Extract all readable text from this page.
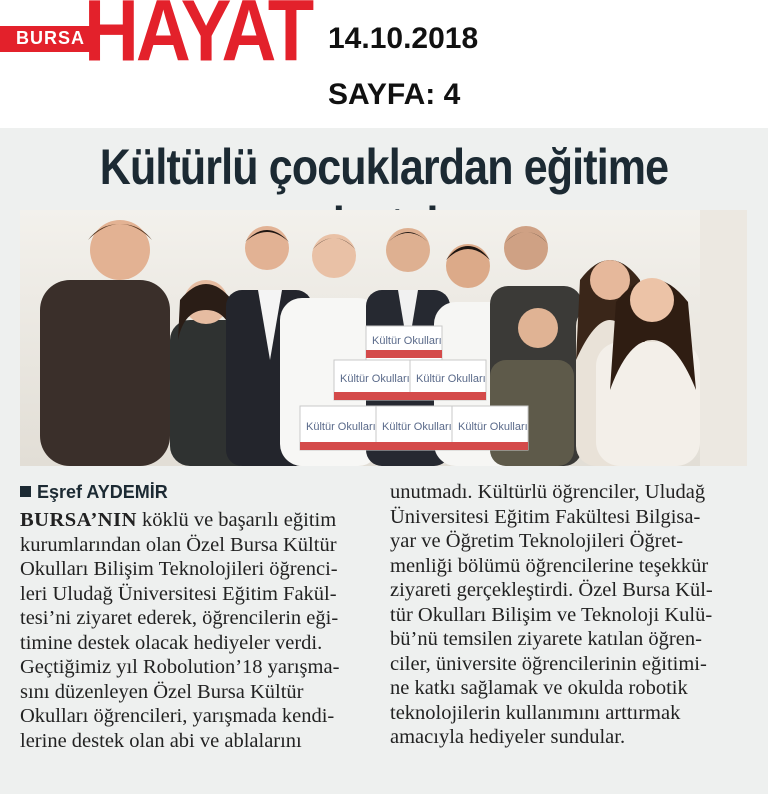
BURSA
HAYAT 14.10.2018
SAYFA: 4
Kültürlü çocuklardan eğitime
Kültür Okulları
Kültür Okulları Kültür Okulları
Kültür Okulları Kültür Okulları Kültür Okulları
Eşref AYDEMİR
BURSA’NIN köklü ve başarılı eğitim
kurumlarından olan Özel Bursa Kültür
Okulları Bilişim Teknolojileri öğrenci-
leri Uludağ Üniversitesi Eğitim Fakül-
tesi’ni ziyaret ederek, öğrencilerin eği-
timine destek olacak hediyeler verdi.
Geçtiğimiz yıl Robolution’18 yarışma-
sını düzenleyen Özel Bursa Kültür
Okulları öğrencileri, yarışmada kendi-
lerine destek olan abi ve ablalarını
unutmadı. Kültürlü öğrenciler, Uludağ
Üniversitesi Eğitim Fakültesi Bilgisa-
yar ve Öğretim Teknolojileri Öğret-
menliği bölümü öğrencilerine teşekkür
ziyareti gerçekleştirdi. Özel Bursa Kül-
tür Okulları Bilişim ve Teknoloji Kulü-
bü’nü temsilen ziyarete katılan öğren-
ciler, üniversite öğrencilerinin eğitimi-
ne katkı sağlamak ve okulda robotik
teknolojilerin kullanımını arttırmak
amacıyla hediyeler sundular.
